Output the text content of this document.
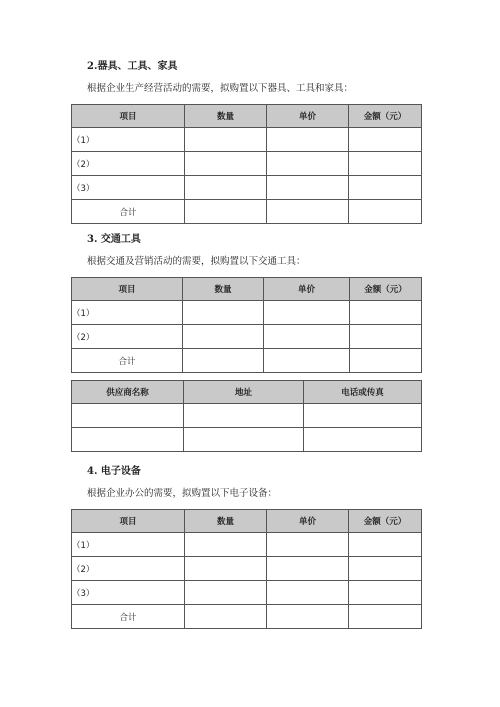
2.器具、工具、家具
根据企业生产经营活动的需要，拟购置以下器具、工具和家具：
项目	数量	单价	金额（元）
（1）			
（2）			
（3）			
合计			
3. 交通工具
根据交通及营销活动的需要，拟购置以下交通工具：
项目	数量	单价	金额（元）
（1）			
（2）			
合计			
供应商名称	地址	电话或传真

4. 电子设备
根据企业办公的需要，拟购置以下电子设备：
项目	数量	单价	金额（元）
（1）			
（2）			
（3）			
合计			
